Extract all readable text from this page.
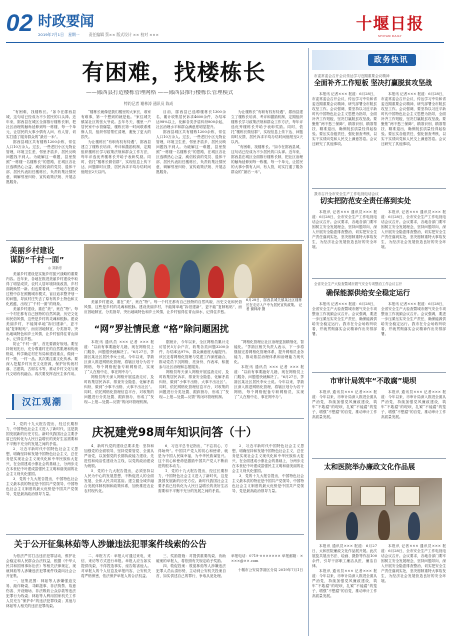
02 时政要闻
2019年7月1日 星期一 责任编辑 蔡×× 版式设计 ×× 校对 ×××
十堰日报
SHIYAN DAILY
有困难，找楼栋长
——郧西县打造楼栋管理网格 ——郧西县推行楼栋长管理模式
特约记者 谢林涛 通讯员 陈成

“有困难，找楼栋长。”如今在郧西县城，这句话已经成为不少居民的口头禅。近年来，郧西县在城区全面推行楼栋长制，把社区治理的触角延伸到每一栋楼、每一个单元，让居民的大事小情有人问、有人管，切实打通了服务群众的“最后一米”。

郧西县城区共有楼栋1200余栋，常住人口10万余人。过去，一些老旧小区无物业管理，环境卫生差，邻里矛盾多，居民反映问题找不到人。为破解这一难题，县里按照“一栋楼一名楼栋长”的思路，在城区各社区选聘热心公益、威信较高的党员、退休干部、居民代表担任楼栋长，负责收集社情民意、调解邻里纠纷、宣传政策法规、开展志愿服务。

“楼栋长就像是我们楼里的大家长，谁家有难事，第一个想到的就是他。”家住城关镇某社区的张大爷说。去年冬天，楼里一户居民家中水管爆裂，楼栋长第一时间联系维修人员，组织邻居帮忙清理，避免了更大的损失。

为让楼栋长“有职有权有待遇”，郧西县建立了楼栋长培训、考评和激励机制，定期组织楼栋长学习政策法规和群众工作方法，每年评选优秀楼栋长并给予表彰奖励。同时，依托“楼栋长微信群”，实现信息上传下达、问题即时反馈，居民诉求平均办结时间缩短至2天以内。

目前，郧西县已选聘楼栋长1300余名，累计收集居民诉求4600余件，办结率达98%以上，化解各类矛盾纠纷800余起，社区治理水平和群众满意度明显提升。

郧西县城区共有楼栋1200余栋，常住人口10万余人。过去，一些老旧小区无物业管理，环境卫生差，邻里矛盾多，居民反映问题找不到人。为破解这一难题，县里按照“一栋楼一名楼栋长”的思路，在城区各社区选聘热心公益、威信较高的党员、退休干部、居民代表担任楼栋长，负责收集社情民意、调解邻里纠纷、宣传政策法规、开展志愿服务。

为让楼栋长“有职有权有待遇”，郧西县建立了楼栋长培训、考评和激励机制，定期组织楼栋长学习政策法规和群众工作方法，每年评选优秀楼栋长并给予表彰奖励。同时，依托“楼栋长微信群”，实现信息上传下达、问题即时反馈，居民诉求平均办结时间缩短至2天以内。

“有困难，找楼栋长。”如今在郧西县城，这句话已经成为不少居民的口头禅。近年来，郧西县在城区全面推行楼栋长制，把社区治理的触角延伸到每一栋楼、每一个单元，让居民的大事小情有人问、有人管，切实打通了服务群众的“最后一米”。

美丽乡村建设
谋防“千村一面”
◎ 刘新东

美丽乡村建设是实施乡村振兴战略的重要内容。近年来，各地在推进美丽乡村建设中取得了明显成效，农村人居环境持续改善，乡村面貌焕然一新。但也要看到，一些地方在建设过程中存在照搬城市模式、盲目追求整齐划一的问题，导致村庄失去了原有的乡土特色和文化底蕴，出现了“千村一面”的现象。

美丽乡村建设，重在“美”，贵在“特”。每一个村庄都有自己独特的自然风貌、历史文化和民俗风情，这些是乡村的灵魂和根脉。建设美丽乡村，不能简单地“拆旧建新”，更不能“复制粘贴”，而应因地制宜、分类指导，突出地域特色和乡土风情，让乡村留得住青山绿水，记得住乡愁。

防止“千村一面”，首先要做好规划。要坚持规划先行，充分尊重村庄的自然肌理和传统格局，科学确定村庄布局和建设重点，做到一村一策、一村一品。其次要注重文化传承。要深入挖掘乡村历史文化资源，保护好传统村落、古建筑、古树名木等，推动乡村文化与现代文明有机融合。再次要发挥农民主体作用。

汉江观潮
6月28日，郧西县城关镇某社区楼栋长在走访入户中为居民宣传政策。 记者 谢林涛 摄

美丽乡村建设，重在“美”，贵在“特”。每一个村庄都有自己独特的自然风貌、历史文化和民俗风情，这些是乡村的灵魂和根脉。建设美丽乡村，不能简单地“拆旧建新”，更不能“复制粘贴”，而应因地制宜、分类指导，突出地域特色和乡土风情，让乡村留得住青山绿水，记得住乡愁。

“网”罗社情民意 “格”除问题困扰

本报讯 通讯员 ××× 记者 ××× 报道：“以前有事要跑好几趟，现在网格员上门服务，问题很快就解决了。”6月27日，茅箭区某社区居民李女士说。今年以来，茅箭区深入推进网格化管理，将辖区划分为若干网格，每个网格配备专职网格员，实现了“人在格中走、事在网中办”。

网格员每天深入网格开展巡查走访，及时收集居民诉求、排查安全隐患、化解矛盾纠纷，做到“小事不出格、大事不出社区”。同时，依托网格化管理信息平台，对收集的问题进行分类处置、跟踪督办，形成了“发现—上报—处置—反馈”的闭环管理机制。

据统计，今年以来，全区网格员累计走访居民5万余户次，收集各类问题3200余件，办结率达97%，群众满意度大幅提升。该区还将网格化管理与党建工作深度融合，推动党员下沉网格，亮身份、作表率，积极参与社区治理和志愿服务。

网格员每天深入网格开展巡查走访，及时收集居民诉求、排查安全隐患、化解矛盾纠纷，做到“小事不出格、大事不出社区”。同时，依托网格化管理信息平台，对收集的问题进行分类处置、跟踪督办，形成了“发现—上报—处置—反馈”的闭环管理机制。

“网格化管理让社区治理更加精细化、智能化。”茅箭区相关负责人表示，下一步将继续完善网格化管理体系，提升网格员业务能力，推动基层治理体系和治理能力现代化。

本报讯 通讯员 ××× 记者 ××× 报道：“以前有事要跑好几趟，现在网格员上门服务，问题很快就解决了。”6月27日，茅箭区某社区居民李女士说。今年以来，茅箭区深入推进网格化管理，将辖区划分为若干网格，每个网格配备专职网格员，实现了“人在格中走、事在网中办”。

1．党的十九大报告提出，经过长期努力，中国特色社会主义进入了新时代，这是我国发展新的历史方位。新时代我国社会主要矛盾已经转化为人民日益增长的美好生活需要和不平衡不充分的发展之间的矛盾。

2．习近平新时代中国特色社会主义思想，明确坚持和发展中国特色社会主义，总任务是实现社会主义现代化和中华民族伟大复兴，在全面建成小康社会的基础上，分两步走在本世纪中叶建成富强民主文明和谐美丽的社会主义现代化强国。

3．党的十九大报告提出，中国特色社会主义最本质的特征是中国共产党领导，中国特色社会主义制度的最大优势是中国共产党领导，党是最高政治领导力量。

庆祝建党98周年知识问答（十）

4．新时代党的建设总要求是：坚持和加强党的全面领导，坚持党要管党、全面从严治党，以加强党的长期执政能力建设、先进性和纯洁性建设为主线，以党的政治建设为统领。

5．党的十九大报告提出，必须坚持以人民为中心的发展思想，不断促进人的全面发展、全体人民共同富裕。建立健全城乡融合发展体制机制和政策体系，加快推进农业农村现代化。

6．习近平总书记指出，“不忘初心，方得始终”。中国共产党人的初心和使命，就是为中国人民谋幸福，为中华民族谋复兴。这个初心和使命是激励中国共产党人不断前进的根本动力。

1．党的十九大报告提出，经过长期努力，中国特色社会主义进入了新时代，这是我国发展新的历史方位。新时代我国社会主要矛盾已经转化为人民日益增长的美好生活需要和不平衡不充分的发展之间的矛盾。

2．习近平新时代中国特色社会主义思想，明确坚持和发展中国特色社会主义，总任务是实现社会主义现代化和中华民族伟大复兴，在全面建成小康社会的基础上，分两步走在本世纪中叶建成富强民主文明和谐美丽的社会主义现代化强国。

3．党的十九大报告提出，中国特色社会主义最本质的特征是中国共产党领导，中国特色社会主义制度的最大优势是中国共产党领导，党是最高政治领导力量。

关于公开征集林茹等人涉嫌违法犯罪案件线索的公告

为依法严厉打击违法犯罪活动，维护社会稳定和人民群众合法权益，根据《中华人民共和国刑事诉讼法》等相关法律规定，现就林茹等人涉嫌违法犯罪案件线索向社会公开征集。

一、征集范围：林茹等人涉嫌强迫交易、敲诈勒索、寻衅滋事、非法拘禁、故意伤害、开设赌场、非法吸收公众存款等违法犯罪行为线索；林茹等人利用国家机关工作人员充当“保护伞”的违法犯罪线索；其他与林茹等人相关的违法犯罪线索。

二、举报方式：举报人可通过来电、来信、来访等方式进行举报。举报人应当如实提供线索，不得捏造事实、诬告陷害他人。对举报人的个人信息及举报内容，公安机关将严格保密，依法保护举报人的合法权益。

三、奖励措施：对提供重要线索、协助破案的举报人，将依照有关规定给予奖励。

四、敦促投案：敦促林茹等人涉嫌违法犯罪人员认清形势，主动到公安机关投案自首，如实供述自己的罪行，争取从宽处理。

举报电话：0719-××××××× 举报邮箱：××××@××.com

十堰市公安局茅箭区分局 2019年7月1日

政务快讯
市委常委会召开会议传达学习近期重要会议精神
全面补齐工作短板 坚决打赢脱贫攻坚战

本报讯 记者××× 报道：6月28日，市委常委会召开会议，传达学习中央和省委近期重要会议精神，研究部署全市脱贫攻坚工作。会议强调，要坚持以习近平新时代中国特色社会主义思想为指导，全面补齐工作短板，坚决打赢脱贫攻坚战。要聚焦“两不愁三保障”，精准识别、精准帮扶、精准退出，确保脱贫质量经得起检验。要压实各级责任，强化督查考核，以实干实绩向党和人民交上满意答卷。会议还研究了其他事项。

本报讯 记者××× 报道：6月28日，市委常委会召开会议，传达学习中央和省委近期重要会议精神，研究部署全市脱贫攻坚工作。会议强调，要坚持以习近平新时代中国特色社会主义思想为指导，全面补齐工作短板，坚决打赢脱贫攻坚战。要聚焦“两不愁三保障”，精准识别、精准帮扶、精准退出，确保脱贫质量经得起检验。要压实各级责任，强化督查考核，以实干实绩向党和人民交上满意答卷。会议还研究了其他事项。

我市召开全市安全生产工作电视电话会议
切实把防范安全责任落到实处

本报讯 记者××× 通讯员××× 报道：6月28日，全市安全生产工作电视电话会议召开。会议要求，各地各部门要牢固树立安全发展理念，坚持问题导向，深入开展安全隐患排查整治，切实把安全生产责任落到实处，坚决遏制重特大事故发生，为经济社会发展营造良好的安全环境。

本报讯 记者××× 通讯员××× 报道：6月28日，全市安全生产工作电视电话会议召开。会议要求，各地各部门要牢固树立安全发展理念，坚持问题导向，深入开展安全隐患排查整治，切实把安全生产责任落到实处，坚决遏制重特大事故发生，为经济社会发展营造良好的安全环境。

全省安全生产大检查暨城市燃气安全专项整治工作会议召开
确保能源供给安全稳定运行

本报讯 记者××× 报道：6月28日，全省安全生产大检查暨城市燃气安全专项整治工作视频会议召开。会议强调，要进一步压紧压实安全生产责任，确保能源供给安全稳定运行。我市在分会场收听收看，并就贯彻落实会议精神作出安排部署。

本报讯 记者××× 报道：6月28日，全省安全生产大检查暨城市燃气安全专项整治工作视频会议召开。会议强调，要进一步压紧压实安全生产责任，确保能源供给安全稳定运行。我市在分会场收听收看，并就贯彻落实会议精神作出安排部署。

市审计局筑牢“不敢腐”堤坝

本报讯 通讯员××× 记者××× 报道：今年以来，市审计局深入推进全面从严治党，持续加强党风廉政建设，筑牢“不敢腐”的堤坝，扎紧“不能腐”的笼子，增强“不想腐”的自觉，推动审计工作高质量发展。

本报讯 通讯员××× 记者××× 报道：今年以来，市审计局深入推进全面从严治党，持续加强党风廉政建设，筑牢“不敢腐”的堤坝，扎紧“不能腐”的笼子，增强“不想腐”的自觉，推动审计工作高质量发展。

太和医院举办廉政文化作品展

本报讯 通讯员××× 报道：6月27日，太和医院廉政文化作品展开展。此次展览共展出书法、绘画、摄影等作品100余件，引导干部职工廉洁从医、廉洁自律。

本报讯 通讯员××× 记者××× 报道：今年以来，市审计局深入推进全面从严治党，持续加强党风廉政建设，筑牢“不敢腐”的堤坝，扎紧“不能腐”的笼子，增强“不想腐”的自觉，推动审计工作高质量发展。

本报讯 记者××× 通讯员××× 报道：6月28日，全市安全生产工作电视电话会议召开。会议要求，各地各部门要牢固树立安全发展理念，坚持问题导向，深入开展安全隐患排查整治，切实把安全生产责任落到实处，坚决遏制重特大事故发生，为经济社会发展营造良好的安全环境。
